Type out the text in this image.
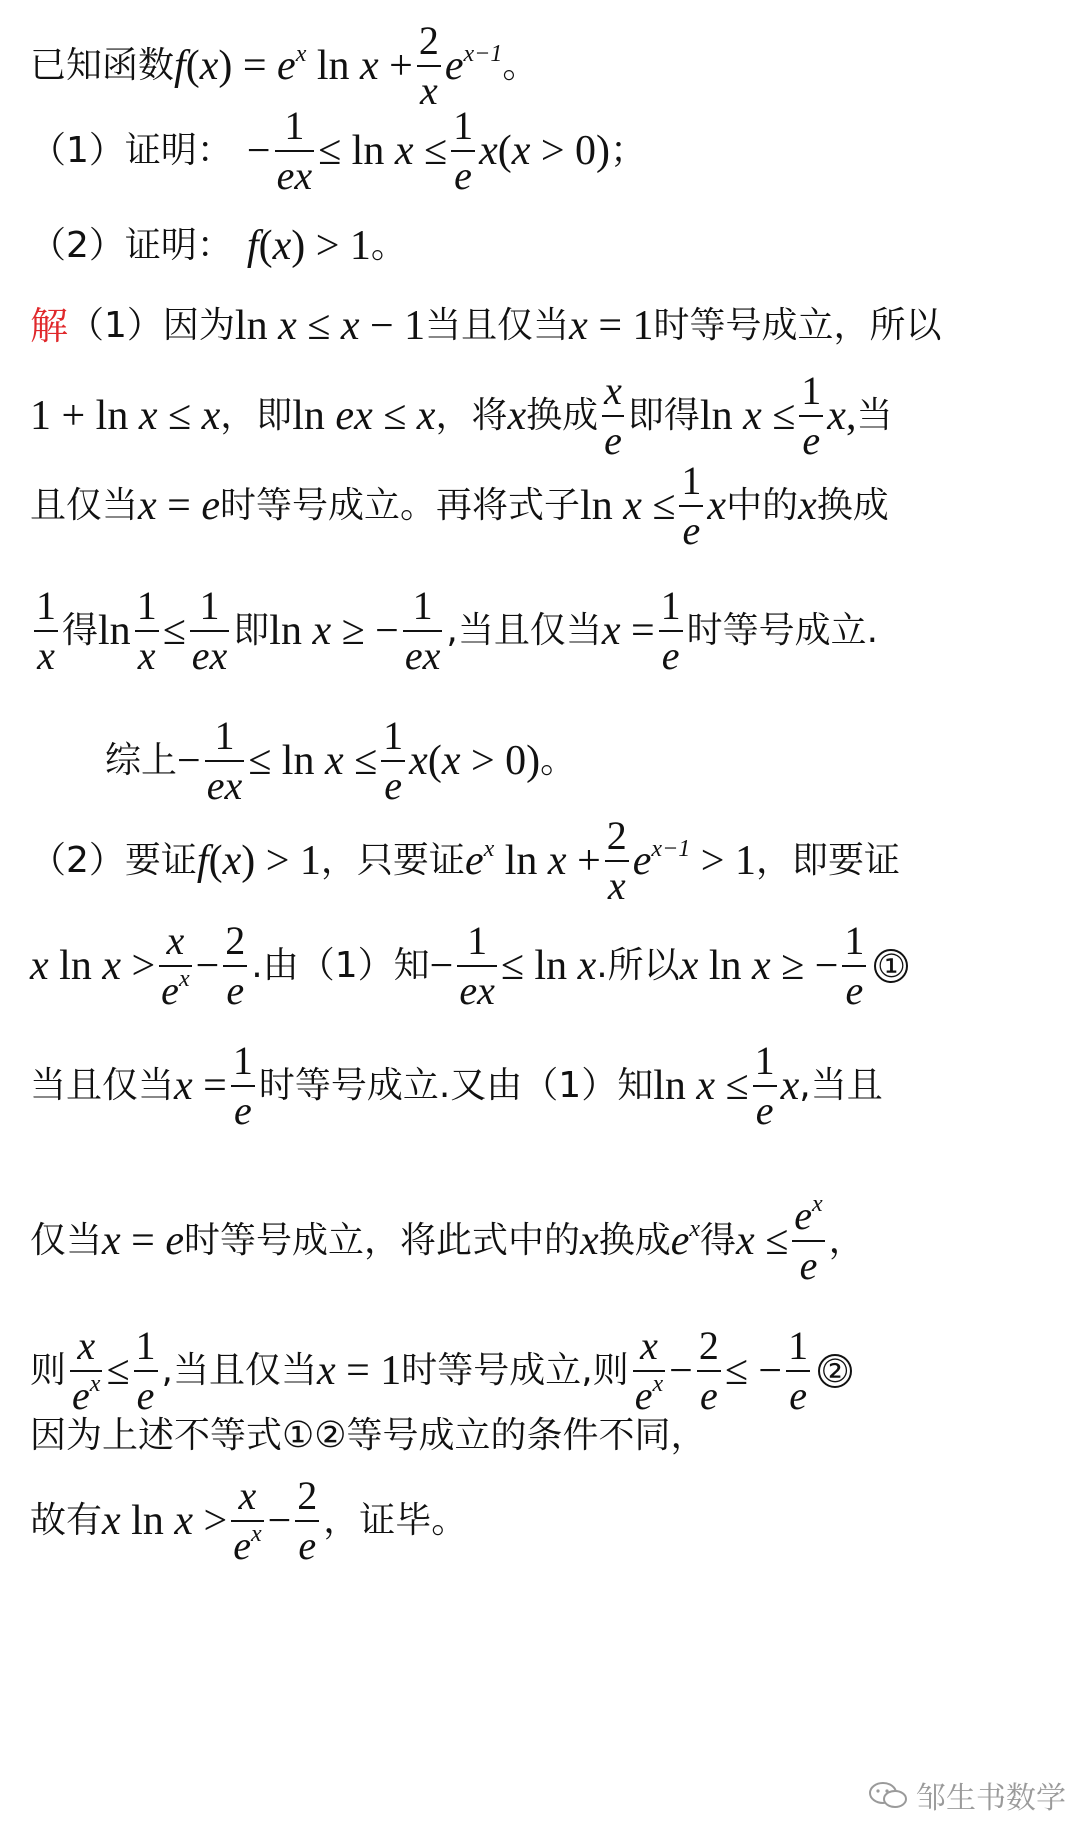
已知函数 $f(x) = e^x$ $\ln x + \frac{2}{x} e^{x-1}$ 。
（1）证明： − $\frac{1}{ex} \le \ln x \le \frac{1}{e} x(x > 0)$ ；
（2）证明： f(x) > 1 。
解 （1）因为 ln x ≤ x − 1 当且仅当 x = 1 时等号成立，所以
1 + ln x ≤ x ，即 ln ex ≤ x ，将 x 换成 $\frac{x}{e}$ 即得 $\ln x \le \frac{1}{e} x$, 当
且仅当 x = e 时等号成立。再将式子 $\ln x \le \frac{1}{e}$ x 中的 x 换成
$\frac{1}{x}$ 得 $\ln \frac{1}{x} \le \frac{1}{ex}$ 即 ln x ≥ − $\frac{1}{ex}$ ,当且仅当 $x = \frac{1}{e}$ 时等号成立.
综上 − $\frac{1}{ex} \le \ln x \le \frac{1}{e} x(x > 0)$ 。
（2）要证 f(x) > 1 ，只要证 $e^x$ $\ln x + \frac{2}{x} e^{x-1} > 1$ ，即要证
x $\ln x > \frac{x}{e^x} - \frac{2}{e}$ .由（1）知 − $\frac{1}{ex} \le \ln x$ .所以 x ln x ≥ − $\frac{1}{e}$ ①
当且仅当 $x = \frac{1}{e}$ 时等号成立.又由（1）知 $\ln x \le \frac{1}{e}$ x ,当且
仅当 x = e 时等号成立，将此式中的 x 换成 $e^x$ 得 $x \le \frac{e^x}{e}$ ，
则 $\frac{x}{e^x} \le \frac{1}{e}$ ,当且仅当 x = 1 时等号成立,则 $\frac{x}{e^x} - \frac{2}{e}$ ≤ − $\frac{1}{e}$ ②
因为上述不等式①②等号成立的条件不同，
故有 x $\ln x > \frac{x}{e^x} - \frac{2}{e}$ ，证毕。
邹生书数学
